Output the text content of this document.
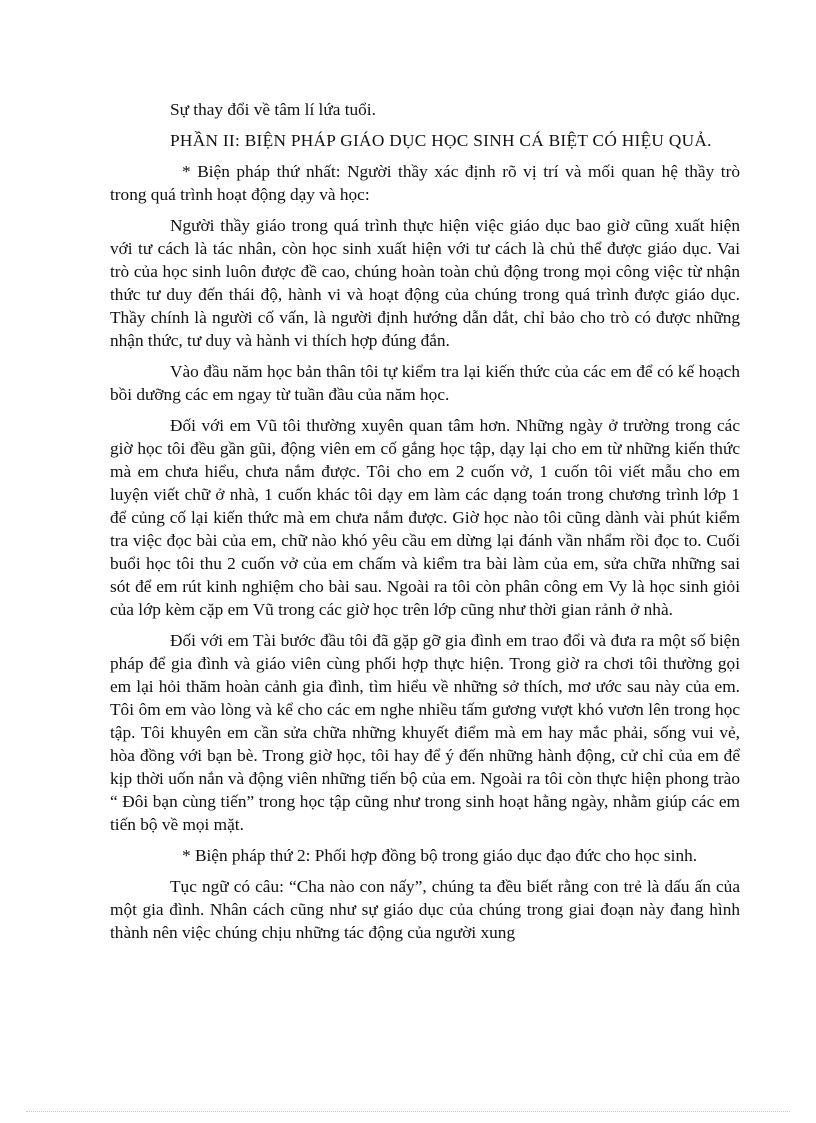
Sự thay đổi về tâm lí lứa tuổi.

PHẦN II: BIỆN PHÁP GIÁO DỤC HỌC SINH CÁ BIỆT CÓ HIỆU QUẢ.

* Biện pháp thứ nhất: Người thầy xác định rõ vị trí và mối quan hệ thầy trò trong quá trình hoạt động dạy và học:

Người thầy giáo trong quá trình thực hiện việc giáo dục bao giờ cũng xuất hiện với tư cách là tác nhân, còn học sinh xuất hiện với tư cách là chủ thể được giáo dục. Vai trò của học sinh luôn được đề cao, chúng hoàn toàn chủ động trong mọi công việc từ nhận thức tư duy đến thái độ, hành vi và hoạt động của chúng trong quá trình được giáo dục. Thầy chính là người cố vấn, là người định hướng dẫn dắt, chỉ bảo cho trò có được những nhận thức, tư duy và hành vi thích hợp đúng đắn.

Vào đầu năm học bản thân tôi tự kiểm tra lại kiến thức của các em để có kế hoạch bồi dưỡng các em ngay từ tuần đầu của năm học.

Đối với em Vũ tôi thường xuyên quan tâm hơn. Những ngày ở trường trong các giờ học tôi đều gần gũi, động viên em cố gắng học tập, dạy lại cho em từ những kiến thức mà em chưa hiểu, chưa nắm được. Tôi cho em 2 cuốn vở, 1 cuốn tôi viết mẫu cho em luyện viết chữ ở nhà, 1 cuốn khác tôi dạy em làm các dạng toán trong chương trình lớp 1 để củng cố lại kiến thức mà em chưa nắm được. Giờ học nào tôi cũng dành vài phút kiểm tra việc đọc bài của em, chữ nào khó yêu cầu em dừng lại đánh vần nhẩm rồi đọc to. Cuối buổi học tôi thu 2 cuốn vở của em chấm và kiểm tra bài làm của em, sửa chữa những sai sót để em rút kinh nghiệm cho bài sau. Ngoài ra tôi còn phân công em Vy là học sinh giỏi của lớp kèm cặp em Vũ trong các giờ học trên lớp cũng như thời gian rảnh ở nhà.

Đối với em Tài bước đầu tôi đã gặp gỡ gia đình em trao đổi và đưa ra một số biện pháp để gia đình và giáo viên cùng phối hợp thực hiện. Trong giờ ra chơi tôi thường gọi em lại hỏi thăm hoàn cảnh gia đình, tìm hiểu về những sở thích, mơ ước sau này của em. Tôi ôm em vào lòng và kể cho các em nghe nhiều tấm gương vượt khó vươn lên trong học tập. Tôi khuyên em cần sửa chữa những khuyết điểm mà em hay mắc phải, sống vui vẻ, hòa đồng với bạn bè. Trong giờ học, tôi hay để ý đến những hành động, cử chỉ của em để kịp thời uốn nắn và động viên những tiến bộ của em. Ngoài ra tôi còn thực hiện phong trào “ Đôi bạn cùng tiến” trong học tập cũng như trong sinh hoạt hằng ngày, nhằm giúp các em tiến bộ về mọi mặt.

* Biện pháp thứ 2: Phối hợp đồng bộ trong giáo dục đạo đức cho học sinh.

Tục ngữ có câu: “Cha nào con nấy”, chúng ta đều biết rằng con trẻ là dấu ấn của một gia đình. Nhân cách cũng như sự giáo dục của chúng trong giai đoạn này đang hình thành nên việc chúng chịu những tác động của người xung
